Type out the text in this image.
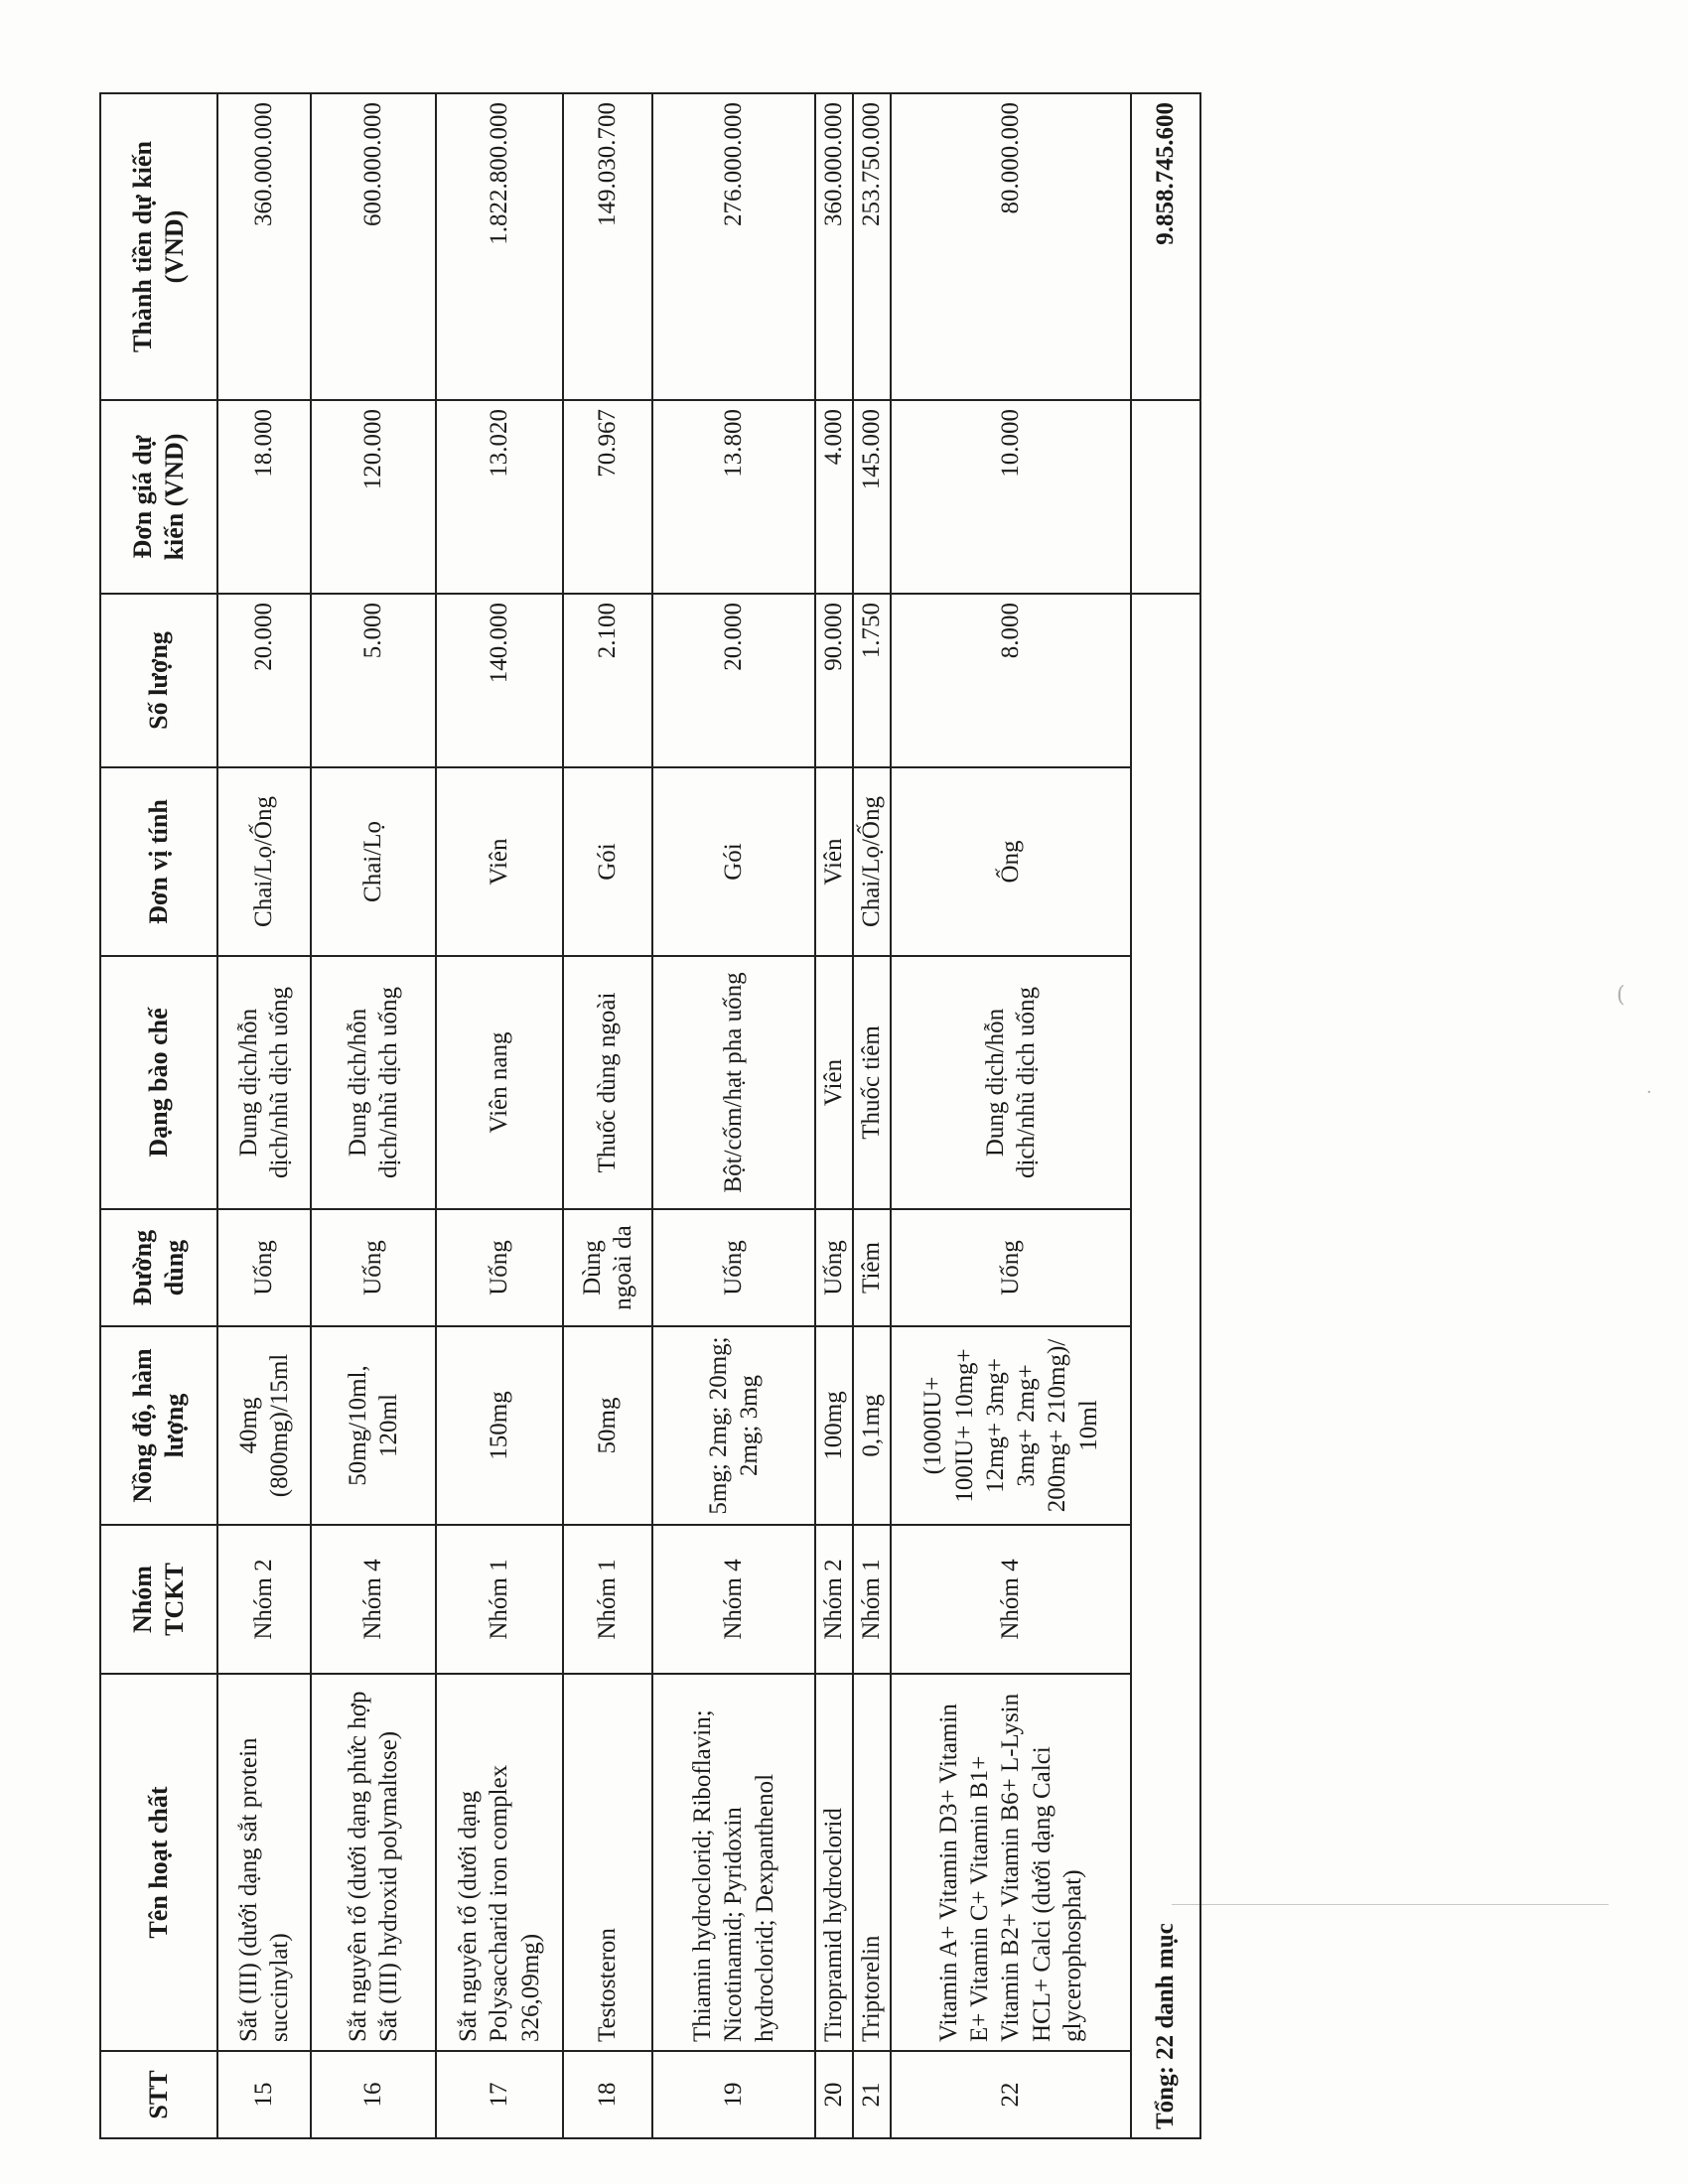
(
·
STT	Tên hoạt chất	Nhóm TCKT	Nồng độ, hàm lượng	Đường dùng	Dạng bào chế	Đơn vị tính	Số lượng	Đơn giá dự kiến (VND)	Thành tiền dự kiến (VND)
15	Sắt (III) (dưới dạng sắt protein succinylat)	Nhóm 2	40mg (800mg)/15ml	Uống	Dung dịch/hỗn dịch/nhũ dịch uống	Chai/Lọ/Ống	20.000	18.000	360.000.000
16	Sắt nguyên tố (dưới dạng phức hợp Sắt (III) hydroxid polymaltose)	Nhóm 4	50mg/10ml, 120ml	Uống	Dung dịch/hỗn dịch/nhũ dịch uống	Chai/Lọ	5.000	120.000	600.000.000
17	Sắt nguyên tố (dưới dạng Polysaccharid iron complex 326,09mg)	Nhóm 1	150mg	Uống	Viên nang	Viên	140.000	13.020	1.822.800.000
18	Testosteron	Nhóm 1	50mg	Dùng ngoài da	Thuốc dùng ngoài	Gói	2.100	70.967	149.030.700
19	Thiamin hydroclorid; Riboflavin; Nicotinamid; Pyridoxin hydroclorid; Dexpanthenol	Nhóm 4	5mg; 2mg; 20mg; 2mg; 3mg	Uống	Bột/cốm/hạt pha uống	Gói	20.000	13.800	276.000.000
20	Tiropramid hydroclorid	Nhóm 2	100mg	Uống	Viên	Viên	90.000	4.000	360.000.000
21	Triptorelin	Nhóm 1	0,1mg	Tiêm	Thuốc tiêm	Chai/Lọ/Ống	1.750	145.000	253.750.000
22	Vitamin A+ Vitamin D3+ Vitamin E+ Vitamin C+ Vitamin B1+ Vitamin B2+ Vitamin B6+ L-Lysin HCL+ Calci (dưới dạng Calci glycerophosphat)	Nhóm 4	(1000IU+ 100IU+ 10mg+ 12mg+ 3mg+ 3mg+ 2mg+ 200mg+ 210mg)/ 10ml	Uống	Dung dịch/hỗn dịch/nhũ dịch uống	Ống	8.000	10.000	80.000.000
Tổng: 22 danh mục									9.858.745.600
